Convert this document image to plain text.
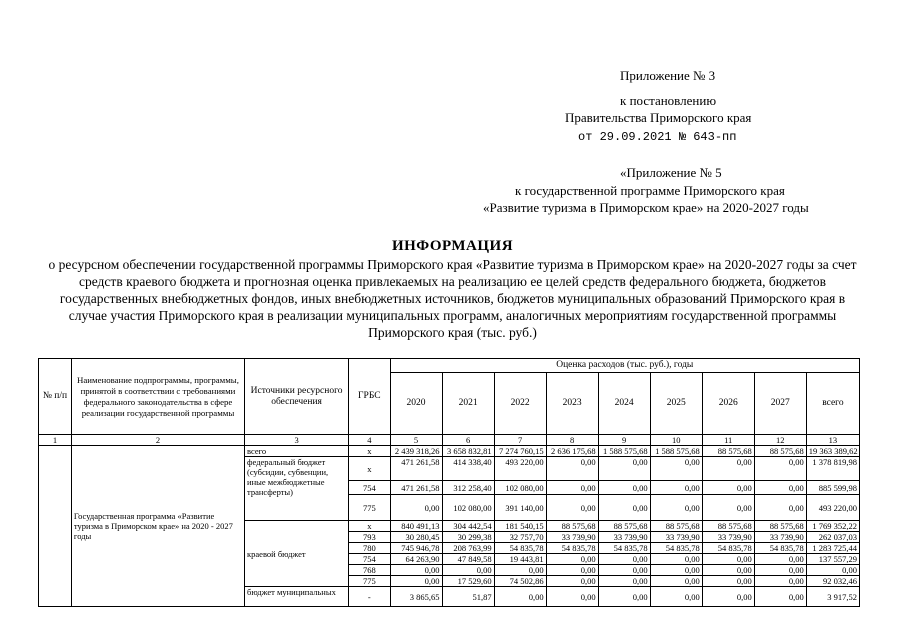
Приложение № 3
к постановлению
Правительства Приморского края
от 29.09.2021 № 643-пп
«Приложение № 5
к государственной программе Приморского края
«Развитие туризма в Приморском крае» на 2020-2027 годы
ИНФОРМАЦИЯ
о ресурсном обеспечении государственной программы Приморского края «Развитие туризма в Приморском крае» на 2020-2027 годы за счет средств краевого бюджета и прогнозная оценка привлекаемых на реализацию ее целей средств федерального бюджета, бюджетов государственных внебюджетных фондов, иных внебюджетных источников, бюджетов муниципальных образований Приморского края в случае участия Приморского края в реализации муниципальных программ, аналогичных мероприятиям государственной программы Приморского края (тыс. руб.)
№ п/п	Наименование подпрограммы, программы, принятой в соответствии с требованиями федерального законодательства в сфере реализации государственной программы	Источники ресурсного обеспечения	ГРБС	Оценка расходов (тыс. руб.), годы								
				2020	2021	2022	2023	2024	2025	2026	2027	всего
1	2	3	4	5	6	7	8	9	10	11	12	13
	Государственная программа «Развитие туризма в Приморском крае» на 2020 - 2027 годы	всего	x	2 439 318,26	3 658 832,81	7 274 760,15	2 636 175,68	1 588 575,68	1 588 575,68	88 575,68	88 575,68	19 363 389,62
		федеральный бюджет (субсидии, субвенции, иные межбюджетные трансферты)	x	471 261,58	414 338,40	493 220,00	0,00	0,00	0,00	0,00	0,00	1 378 819,98
			754	471 261,58	312 258,40	102 080,00	0,00	0,00	0,00	0,00	0,00	885 599,98
			775	0,00	102 080,00	391 140,00	0,00	0,00	0,00	0,00	0,00	493 220,00
		краевой бюджет	x	840 491,13	304 442,54	181 540,15	88 575,68	88 575,68	88 575,68	88 575,68	88 575,68	1 769 352,22
			793	30 280,45	30 299,38	32 757,70	33 739,90	33 739,90	33 739,90	33 739,90	33 739,90	262 037,03
			780	745 946,78	208 763,99	54 835,78	54 835,78	54 835,78	54 835,78	54 835,78	54 835,78	1 283 725,44
			754	64 263,90	47 849,58	19 443,81	0,00	0,00	0,00	0,00	0,00	137 557,29
			768	0,00	0,00	0,00	0,00	0,00	0,00	0,00	0,00	0,00
			775	0,00	17 529,60	74 502,86	0,00	0,00	0,00	0,00	0,00	92 032,46
		бюджет муниципальных	-	3 865,65	51,87	0,00	0,00	0,00	0,00	0,00	0,00	3 917,52
